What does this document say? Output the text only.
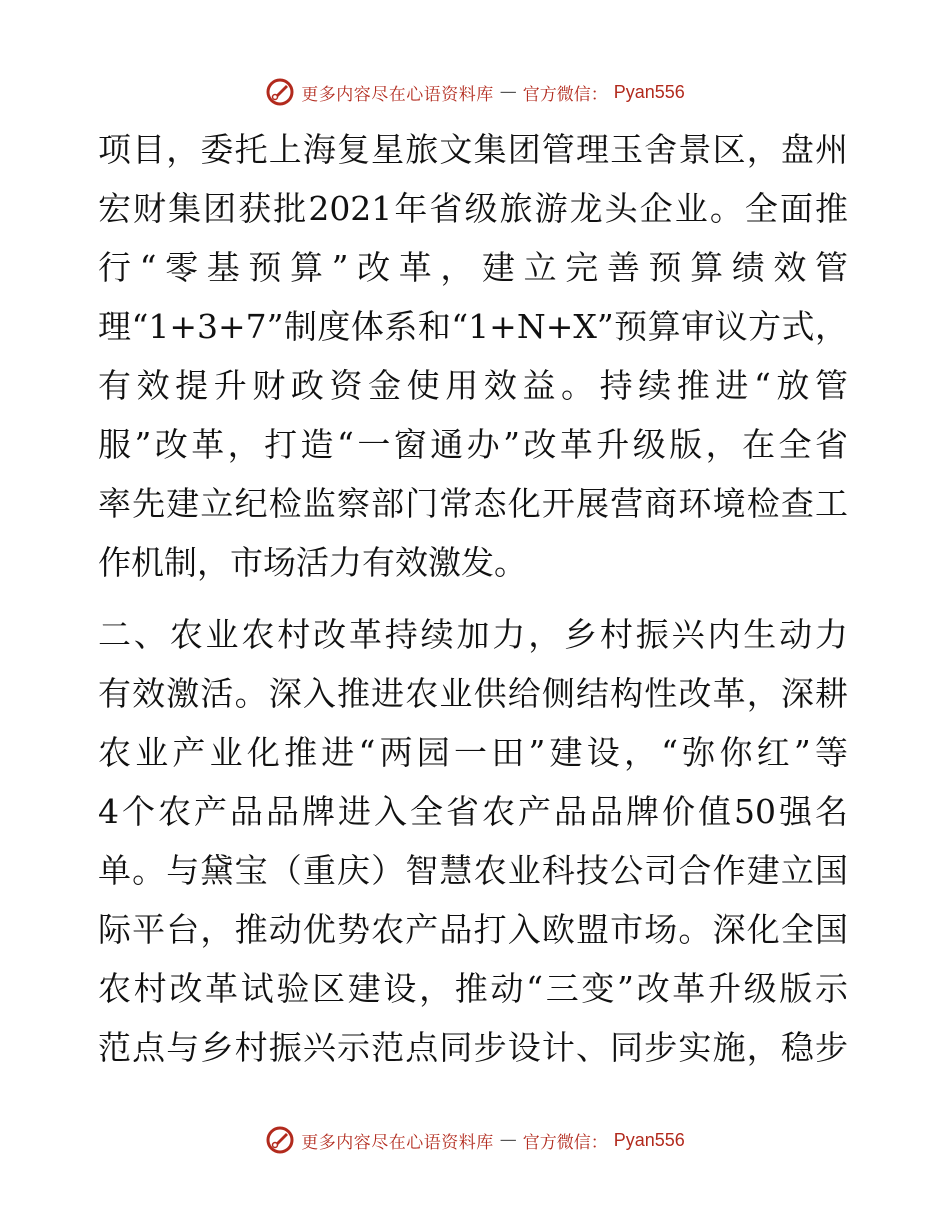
更多内容尽在心语资料库 — 官方微信： Pyan556
项目，委托上海复星旅文集团管理玉舍景区，盘州
宏财集团获批2021年省级旅游龙头企业。全面推
行“零基预算”改革，建立完善预算绩效管
理“1+3+7”制度体系和“1+N+X”预算审议方式，
有效提升财政资金使用效益。持续推进“放管
服”改革，打造“一窗通办”改革升级版，在全省
率先建立纪检监察部门常态化开展营商环境检查工
作机制，市场活力有效激发。
二、农业农村改革持续加力，乡村振兴内生动力
有效激活。深入推进农业供给侧结构性改革，深耕
农业产业化推进“两园一田”建设，“弥你红”等
4个农产品品牌进入全省农产品品牌价值50强名
单。与黛宝（重庆）智慧农业科技公司合作建立国
际平台，推动优势农产品打入欧盟市场。深化全国
农村改革试验区建设，推动“三变”改革升级版示
范点与乡村振兴示范点同步设计、同步实施，稳步
更多内容尽在心语资料库 — 官方微信： Pyan556
